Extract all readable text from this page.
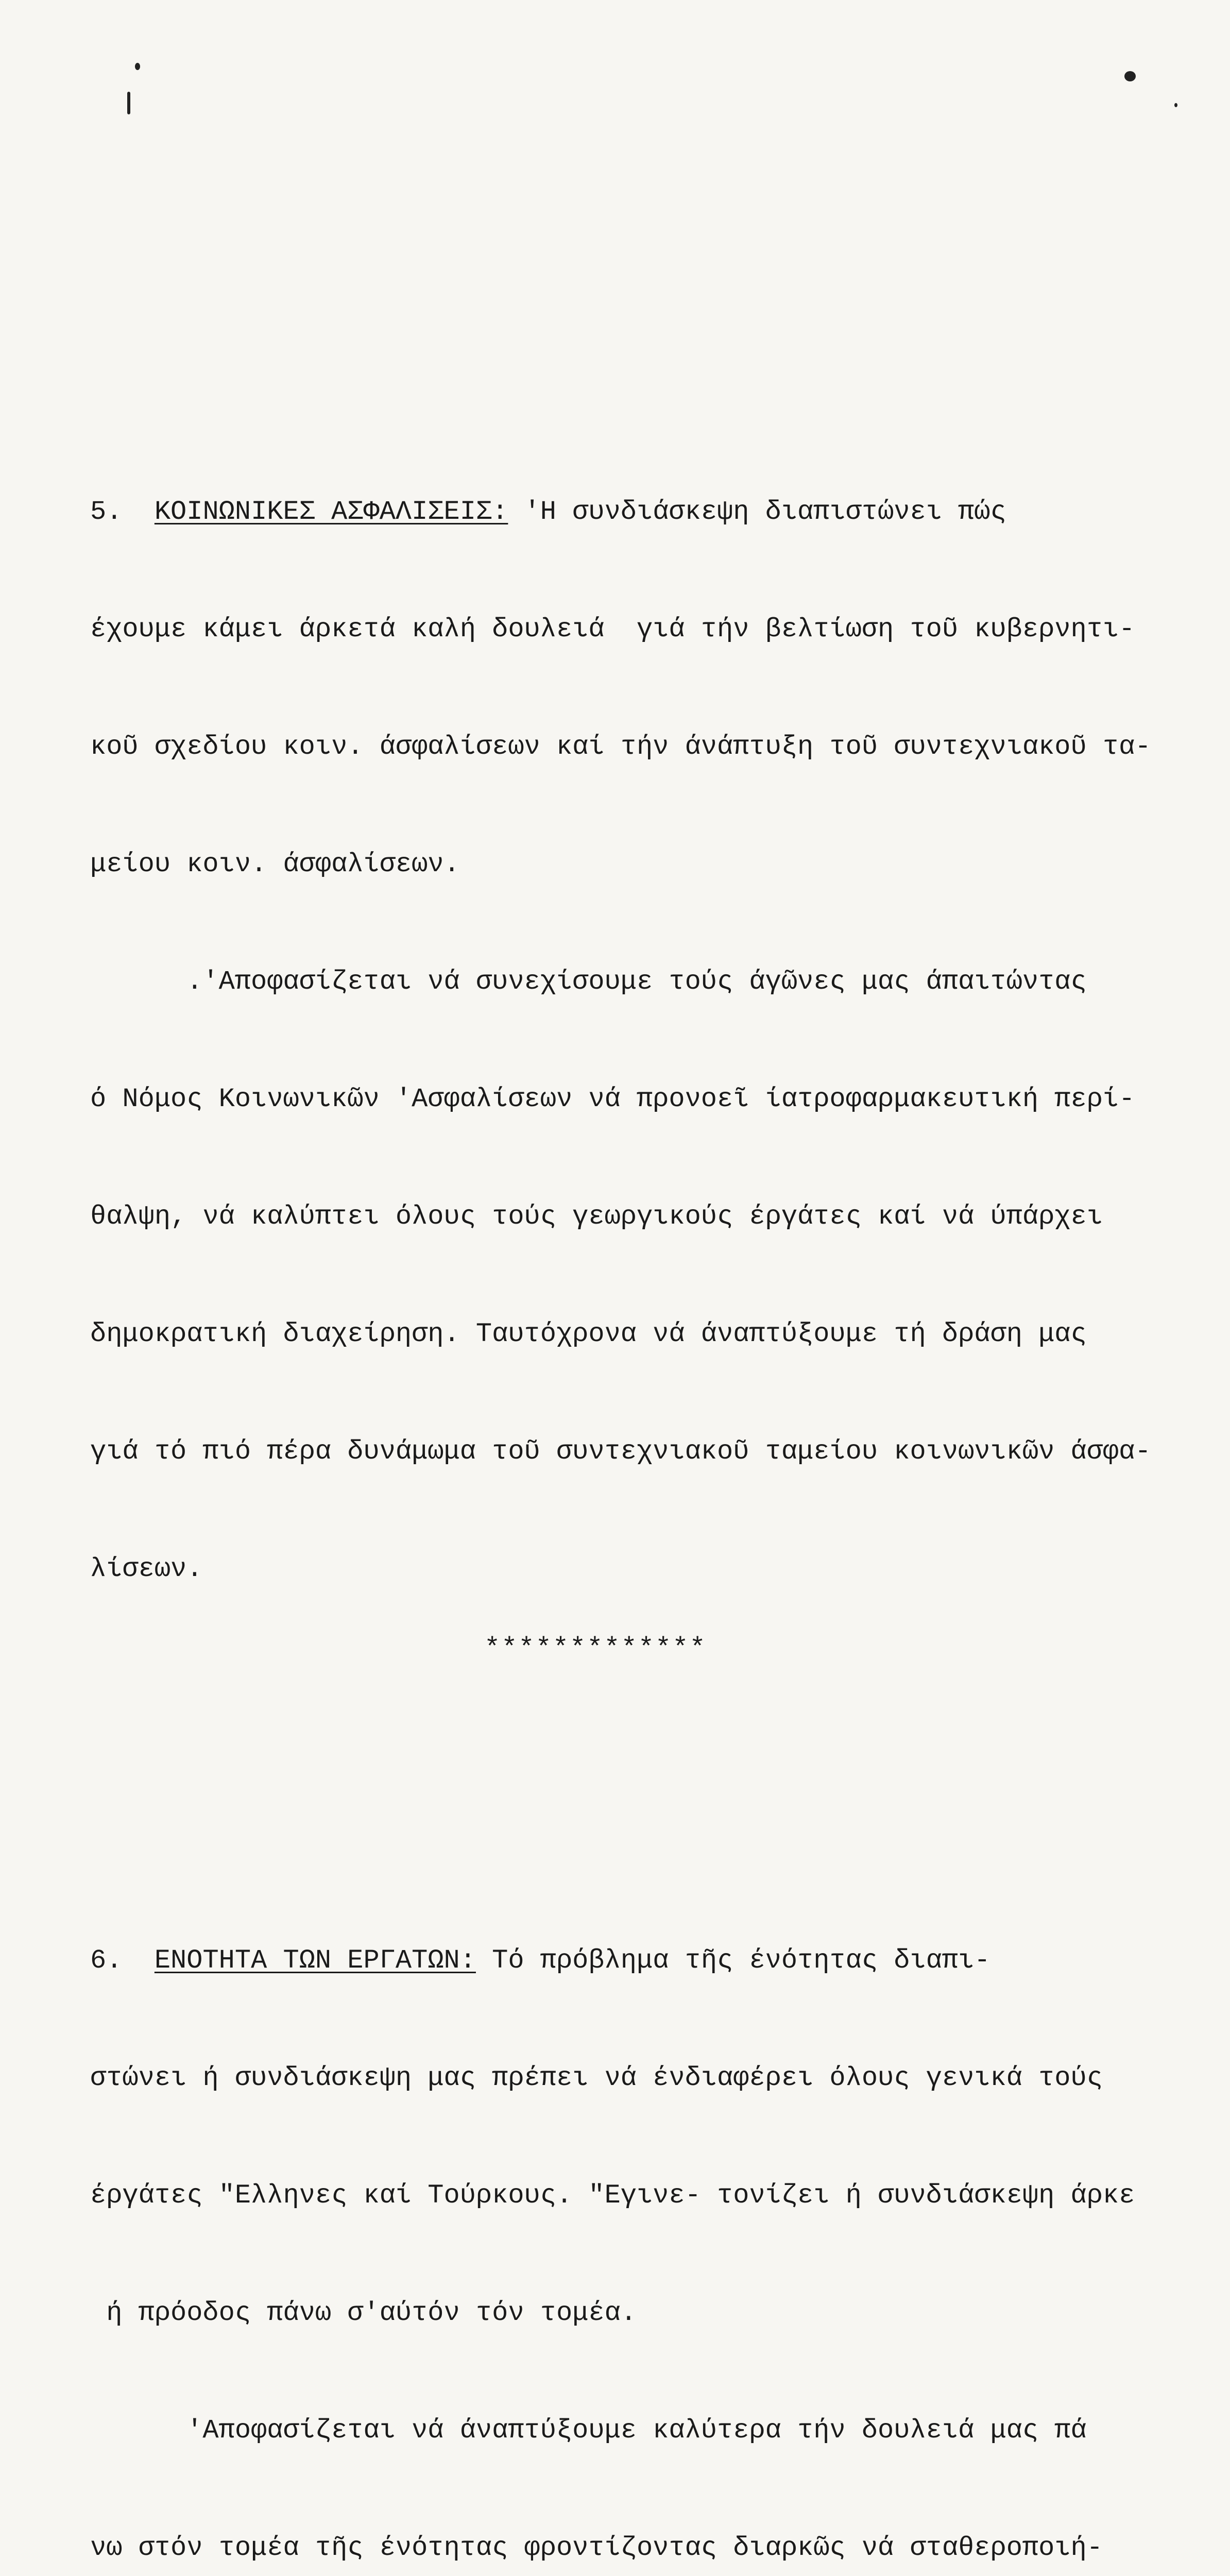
5. ΚΟΙΝΩΝΙΚΕΣ ΑΣΦΑΛΙΣΕΙΣ: 'Η συνδιάσκεψη διαπιστώνει πώς

έχουμε κάμει άρκετά καλή δουλειά  γιά τήν βελτίωση τοῦ κυβερνητι-

κοῦ σχεδίου κοιν. άσφαλίσεων καί τήν άνάπτυξη τοῦ συντεχνιακοῦ τα-

μείου κοιν. άσφαλίσεων.

.'Αποφασίζεται νά συνεχίσουμε τούς άγῶνες μας άπαιτώντας

ό Νόμος Κοινωνικῶν 'Ασφαλίσεων νά προνοεῖ ίατροφαρμακευτική περί-

θαλψη, νά καλύπτει όλους τούς γεωργικούς έργάτες καί νά ύπάρχει

δημοκρατική διαχείρηση. Ταυτόχρονα νά άναπτύξουμε τή δράση μας

γιά τό πιό πέρα δυνάμωμα τοῦ συντεχνιακοῦ ταμείου κοινωνικῶν άσφα-

λίσεων.

6. ΕΝΟΤΗΤΑ ΤΩΝ ΕΡΓΑΤΩΝ: Τό πρόβλημα τῆς ένότητας διαπι-

στώνει ή συνδιάσκεψη μας πρέπει νά ένδιαφέρει όλους γενικά τούς

έργάτες "Ελληνες καί Τούρκους. "Εγινε- τονίζει ή συνδιάσκεψη άρκε

ή πρόοδος πάνω σ'αύτόν τόν τομέα.

'Αποφασίζεται νά άναπτύξουμε καλύτερα τήν δουλειά μας πά

νω στόν τομέα τῆς ένότητας φροντίζοντας διαρκῶς νά σταθεροποιή-

*************
